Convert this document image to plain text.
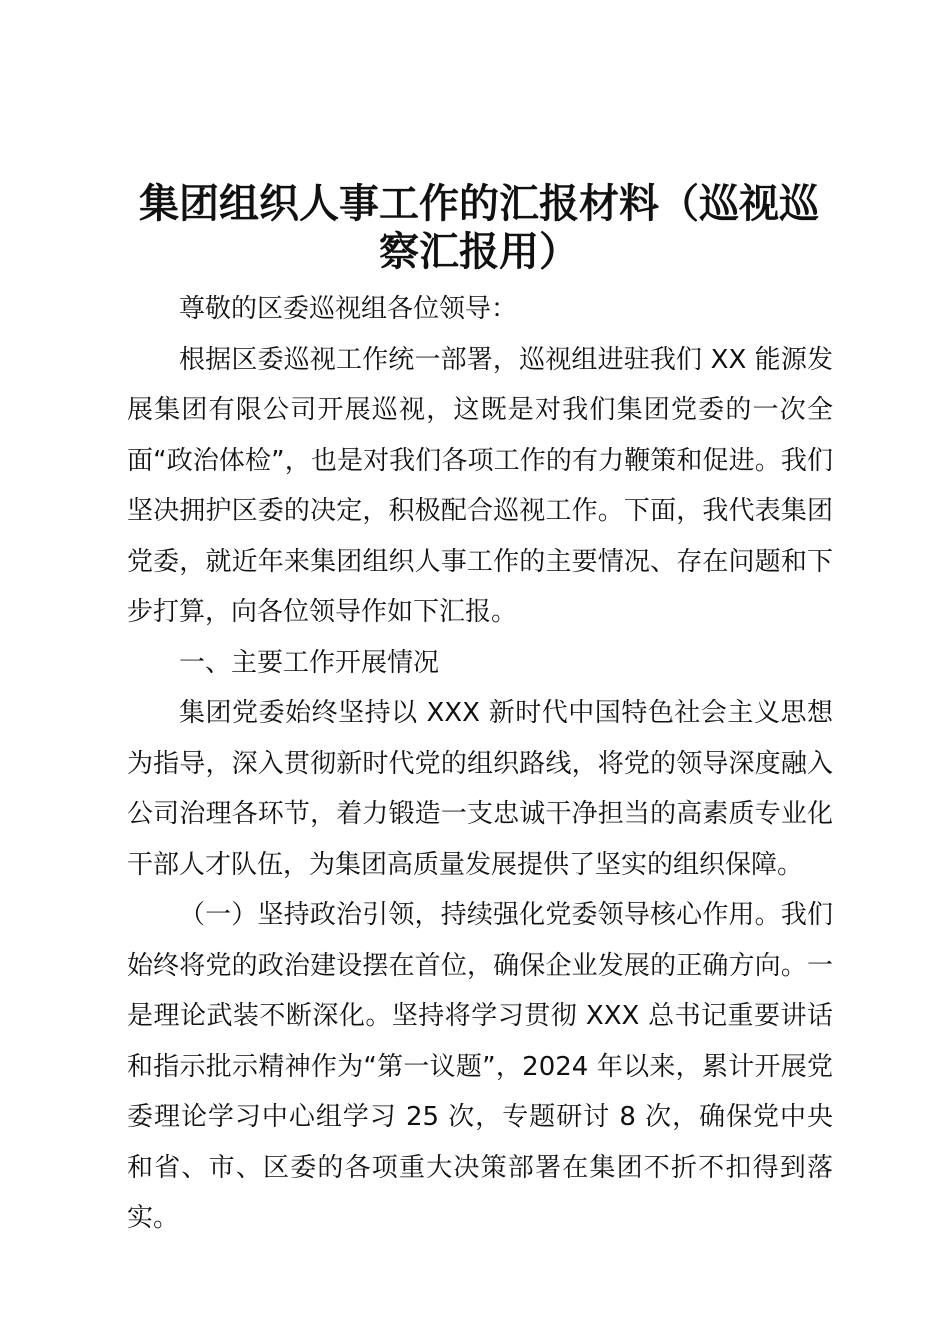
集团组织人事工作的汇报材料（巡视巡察汇报用）

尊敬的区委巡视组各位领导：

根据区委巡视工作统一部署，巡视组进驻我们 XX 能源发展集团有限公司开展巡视，这既是对我们集团党委的一次全面“政治体检”，也是对我们各项工作的有力鞭策和促进。我们坚决拥护区委的决定，积极配合巡视工作。下面，我代表集团党委，就近年来集团组织人事工作的主要情况、存在问题和下步打算，向各位领导作如下汇报。

一、主要工作开展情况

集团党委始终坚持以 XXX 新时代中国特色社会主义思想为指导，深入贯彻新时代党的组织路线，将党的领导深度融入公司治理各环节，着力锻造一支忠诚干净担当的高素质专业化干部人才队伍，为集团高质量发展提供了坚实的组织保障。

（一）坚持政治引领，持续强化党委领导核心作用。我们始终将党的政治建设摆在首位，确保企业发展的正确方向。一是理论武装不断深化。坚持将学习贯彻 XXX 总书记重要讲话和指示批示精神作为“第一议题”，2024 年以来，累计开展党委理论学习中心组学习 25 次，专题研讨 8 次，确保党中央和省、市、区委的各项重大决策部署在集团不折不扣得到落实。
